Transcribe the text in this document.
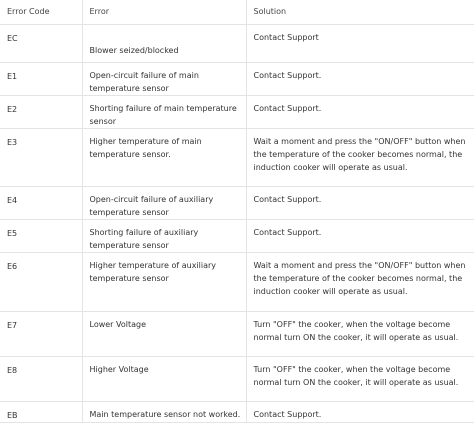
Error Code	Error	Solution
EC	Blower seized/blocked	Contact Support
E1	Open-circuit failure of main temperature sensor	Contact Support.
E2	Shorting failure of main temperature sensor	Contact Support.
E3	Higher temperature of main temperature sensor.	Wait a moment and press the "ON/OFF" button when the temperature of the cooker becomes normal, the induction cooker will operate as usual.
E4	Open-circuit failure of auxiliary temperature sensor	Contact Support.
E5	Shorting failure of auxiliary temperature sensor	Contact Support.
E6	Higher temperature of auxiliary temperature sensor	Wait a moment and press the "ON/OFF" button when the temperature of the cooker becomes normal, the induction cooker will operate as usual.
E7	Lower Voltage	Turn "OFF" the cooker, when the voltage become normal turn ON the cooker, it will operate as usual.
E8	Higher Voltage	Turn "OFF" the cooker, when the voltage become normal turn ON the cooker, it will operate as usual.
EB	Main temperature sensor not worked.	Contact Support.
